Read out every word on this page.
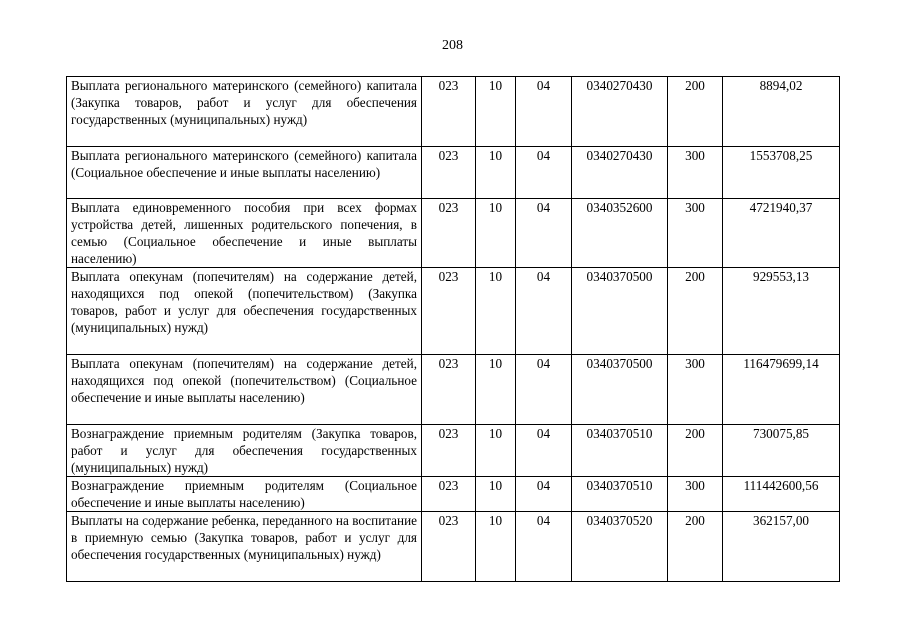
208
Выплата регионального материнского (семейного) капитала (Закупка товаров, работ и услуг для обеспечения государственных (муниципальных) нужд)	023	10	04	0340270430	200	8894,02
Выплата регионального материнского (семейного) капитала (Социальное обеспечение и иные выплаты населению)	023	10	04	0340270430	300	1553708,25
Выплата единовременного пособия при всех формах устройства детей, лишенных родительского попечения, в семью (Социальное обеспечение и иные выплаты населению)	023	10	04	0340352600	300	4721940,37
Выплата опекунам (попечителям) на содержание детей, находящихся под опекой (попечительством) (Закупка товаров, работ и услуг для обеспечения государственных (муниципальных) нужд)	023	10	04	0340370500	200	929553,13
Выплата опекунам (попечителям) на содержание детей, находящихся под опекой (попечительством) (Социальное обеспечение и иные выплаты населению)	023	10	04	0340370500	300	116479699,14
Вознаграждение приемным родителям (Закупка товаров, работ и услуг для обеспечения государственных (муниципальных) нужд)	023	10	04	0340370510	200	730075,85
Вознаграждение приемным родителям (Социальное обеспечение и иные выплаты населению)	023	10	04	0340370510	300	111442600,56
Выплаты на содержание ребенка, переданного на воспитание в приемную семью (Закупка товаров, работ и услуг для обеспечения государственных (муниципальных) нужд)	023	10	04	0340370520	200	362157,00
